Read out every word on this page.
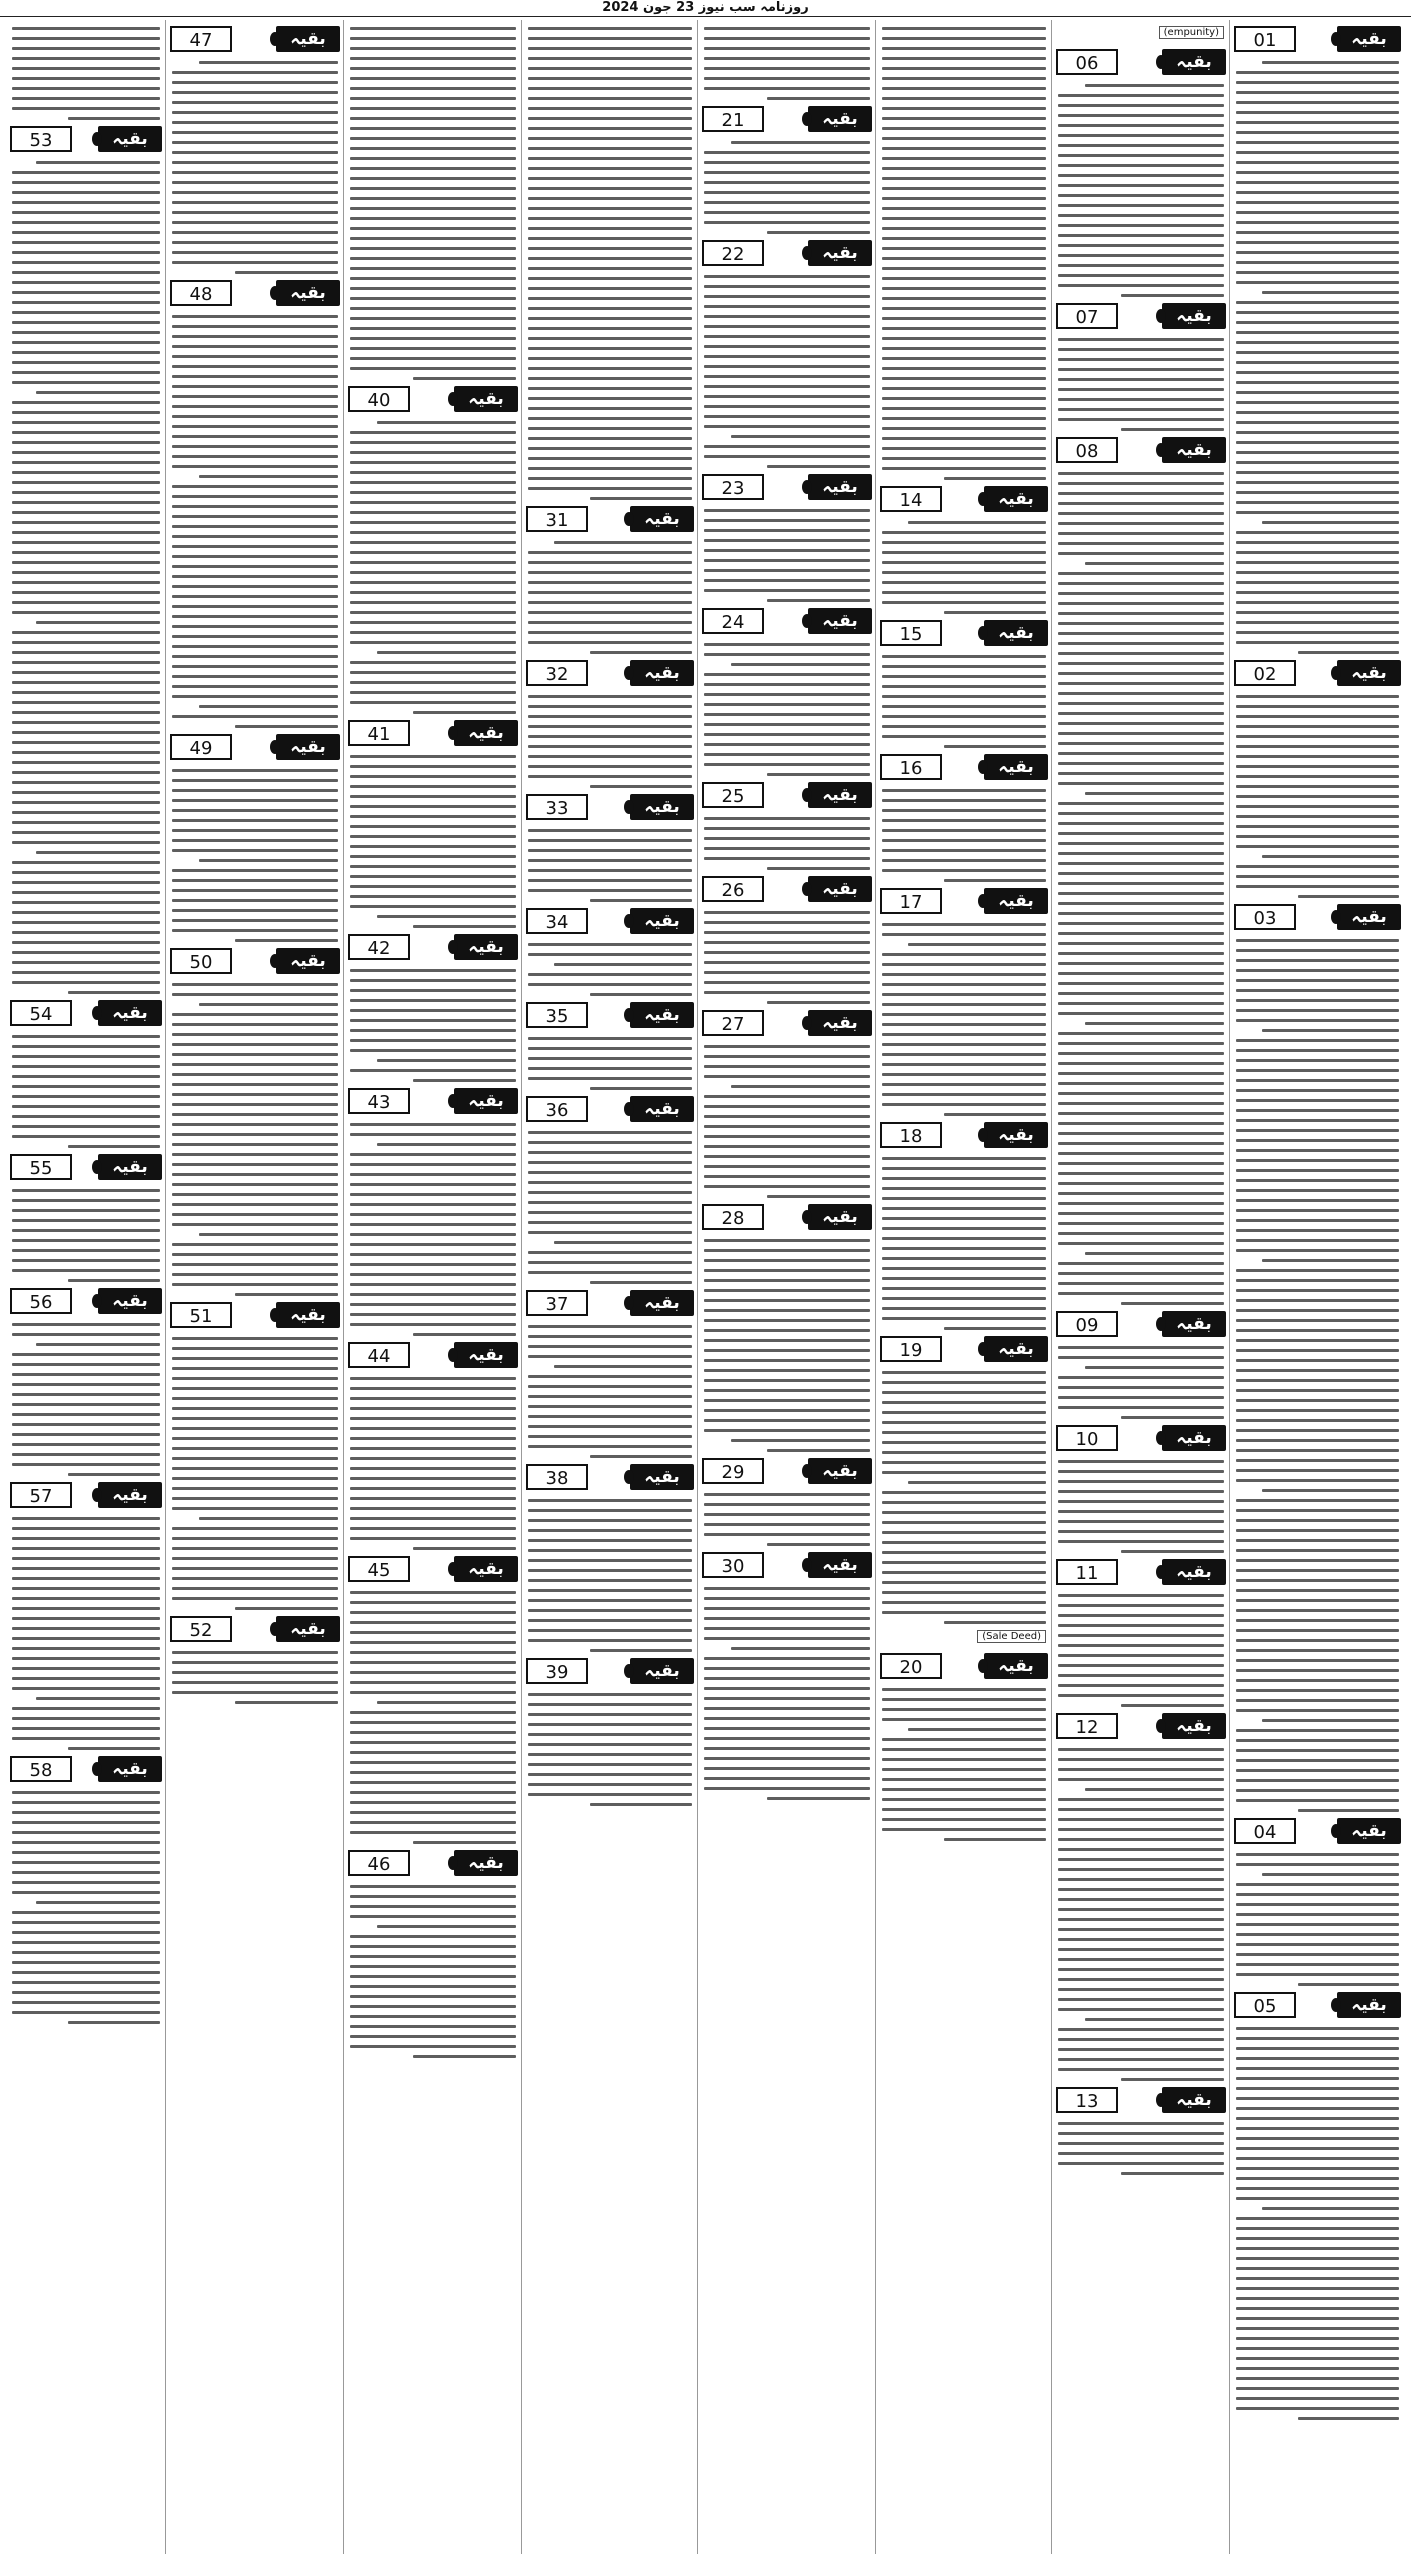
روزنامہ سب نیوز 23 جون 2024
01	بقیہ
02	بقیہ
03	بقیہ
04	بقیہ
05	بقیہ
(empunity)
06	بقیہ
07	بقیہ
08	بقیہ
09	بقیہ
10	بقیہ
11	بقیہ
12	بقیہ
13	بقیہ
14	بقیہ
15	بقیہ
16	بقیہ
17	بقیہ
18	بقیہ
19	بقیہ
(Sale Deed)
20	بقیہ
21	بقیہ
22	بقیہ
23	بقیہ
24	بقیہ
25	بقیہ
26	بقیہ
27	بقیہ
28	بقیہ
29	بقیہ
30	بقیہ
31	بقیہ
32	بقیہ
33	بقیہ
34	بقیہ
35	بقیہ
36	بقیہ
37	بقیہ
38	بقیہ
39	بقیہ
40	بقیہ
41	بقیہ
42	بقیہ
43	بقیہ
44	بقیہ
45	بقیہ
46	بقیہ
47	بقیہ
48	بقیہ
49	بقیہ
50	بقیہ
51	بقیہ
52	بقیہ
53	بقیہ
54	بقیہ
55	بقیہ
56	بقیہ
57	بقیہ
58	بقیہ
